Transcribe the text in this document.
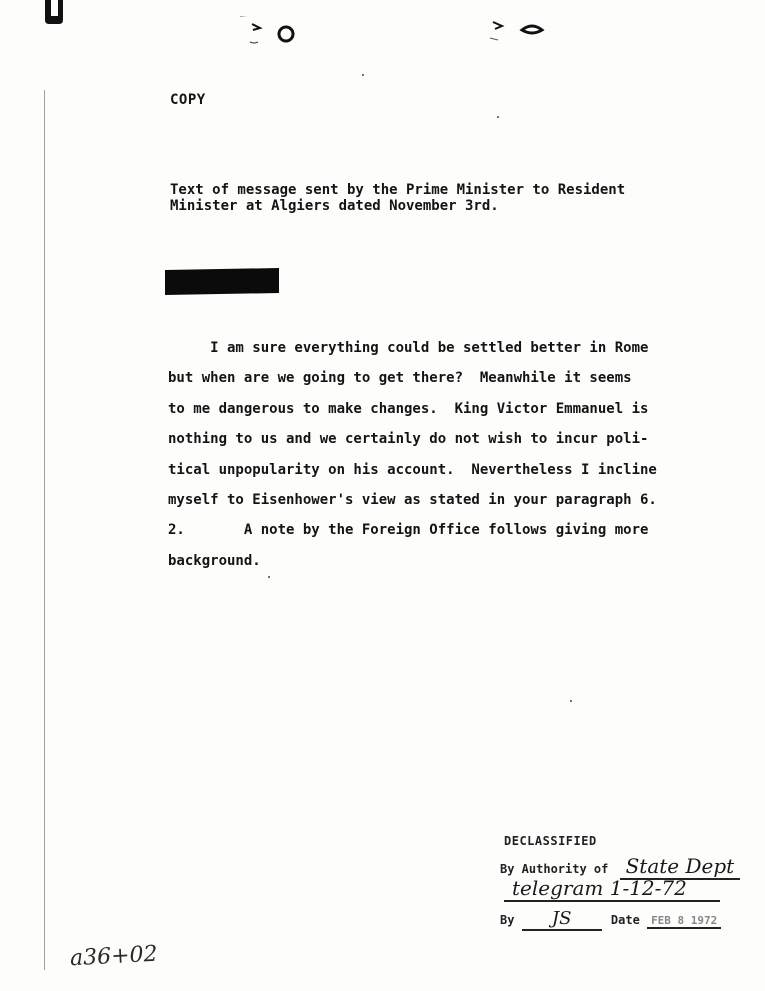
COPY
Text of message sent by the Prime Minister to Resident
Minister at Algiers dated November 3rd.
I am sure everything could be settled better in Rome
but when are we going to get there?  Meanwhile it seems
to me dangerous to make changes.  King Victor Emmanuel is
nothing to us and we certainly do not wish to incur poli-
tical unpopularity on his account.  Nevertheless I incline
myself to Eisenhower's view as stated in your paragraph 6.
2.       A note by the Foreign Office follows giving more
background.
DECLASSIFIED
By Authority of State Dept
telegram 1-12-72
By JS	Date FEB 8 1972
a36+02
